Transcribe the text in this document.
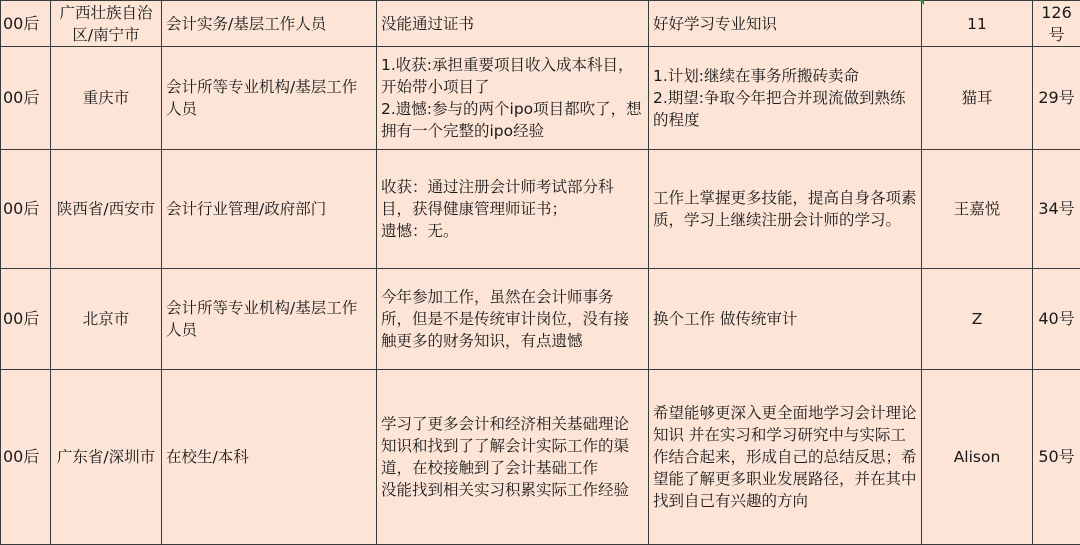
00后	广西壮族自治区/南宁市	会计实务/基层工作人员	没能通过证书	好好学习专业知识	11	126号
00后	重庆市	会计所等专业机构/基层工作人员	1.收获:承担重要项目收入成本科目，开始带小项目了
2.遗憾:参与的两个ipo项目都吹了，想拥有一个完整的ipo经验	1.计划:继续在事务所搬砖卖命
2.期望:争取今年把合并现流做到熟练的程度	猫耳	29号
00后	陕西省/西安市	会计行业管理/政府部门	收获：通过注册会计师考试部分科目，获得健康管理师证书；
遗憾：无。	工作上掌握更多技能，提高自身各项素质，学习上继续注册会计师的学习。	王嘉悦	34号
00后	北京市	会计所等专业机构/基层工作人员	今年参加工作，虽然在会计师事务所，但是不是传统审计岗位，没有接触更多的财务知识，有点遗憾	换个工作 做传统审计	Z	40号
00后	广东省/深圳市	在校生/本科	学习了更多会计和经济相关基础理论知识和找到了了解会计实际工作的渠道，在校接触到了会计基础工作
没能找到相关实习积累实际工作经验	希望能够更深入更全面地学习会计理论知识 并在实习和学习研究中与实际工作结合起来，形成自己的总结反思；希望能了解更多职业发展路径，并在其中找到自己有兴趣的方向	Alison	50号
